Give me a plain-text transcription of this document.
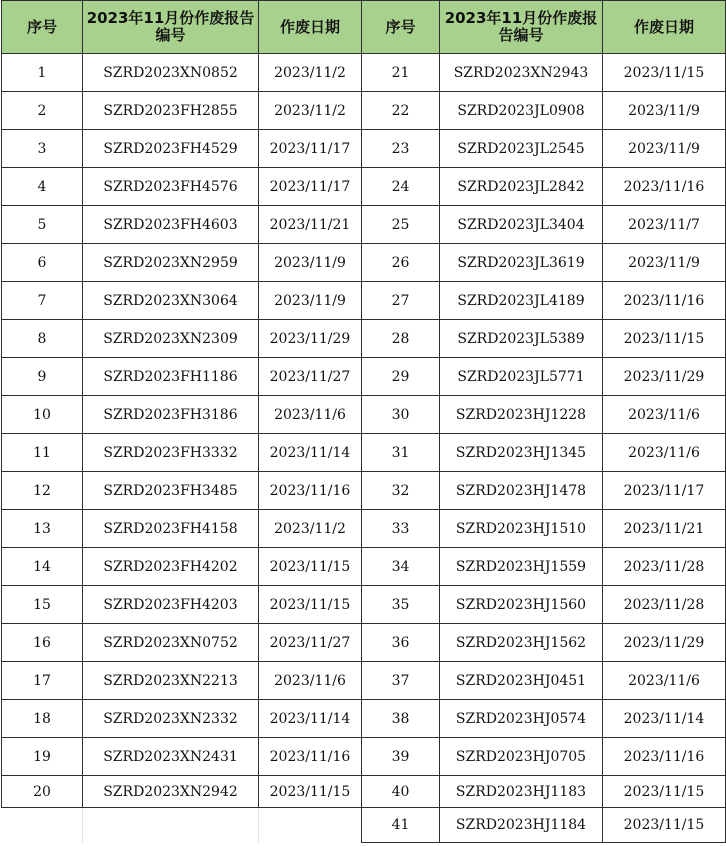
序号	2023年11月份作废报告编号	作废日期	序号	2023年11月份作废报告编号	作废日期
1	SZRD2023XN0852	2023/11/2	21	SZRD2023XN2943	2023/11/15
2	SZRD2023FH2855	2023/11/2	22	SZRD2023JL0908	2023/11/9
3	SZRD2023FH4529	2023/11/17	23	SZRD2023JL2545	2023/11/9
4	SZRD2023FH4576	2023/11/17	24	SZRD2023JL2842	2023/11/16
5	SZRD2023FH4603	2023/11/21	25	SZRD2023JL3404	2023/11/7
6	SZRD2023XN2959	2023/11/9	26	SZRD2023JL3619	2023/11/9
7	SZRD2023XN3064	2023/11/9	27	SZRD2023JL4189	2023/11/16
8	SZRD2023XN2309	2023/11/29	28	SZRD2023JL5389	2023/11/15
9	SZRD2023FH1186	2023/11/27	29	SZRD2023JL5771	2023/11/29
10	SZRD2023FH3186	2023/11/6	30	SZRD2023HJ1228	2023/11/6
11	SZRD2023FH3332	2023/11/14	31	SZRD2023HJ1345	2023/11/6
12	SZRD2023FH3485	2023/11/16	32	SZRD2023HJ1478	2023/11/17
13	SZRD2023FH4158	2023/11/2	33	SZRD2023HJ1510	2023/11/21
14	SZRD2023FH4202	2023/11/15	34	SZRD2023HJ1559	2023/11/28
15	SZRD2023FH4203	2023/11/15	35	SZRD2023HJ1560	2023/11/28
16	SZRD2023XN0752	2023/11/27	36	SZRD2023HJ1562	2023/11/29
17	SZRD2023XN2213	2023/11/6	37	SZRD2023HJ0451	2023/11/6
18	SZRD2023XN2332	2023/11/14	38	SZRD2023HJ0574	2023/11/14
19	SZRD2023XN2431	2023/11/16	39	SZRD2023HJ0705	2023/11/16
20	SZRD2023XN2942	2023/11/15	40	SZRD2023HJ1183	2023/11/15
			41	SZRD2023HJ1184	2023/11/15
